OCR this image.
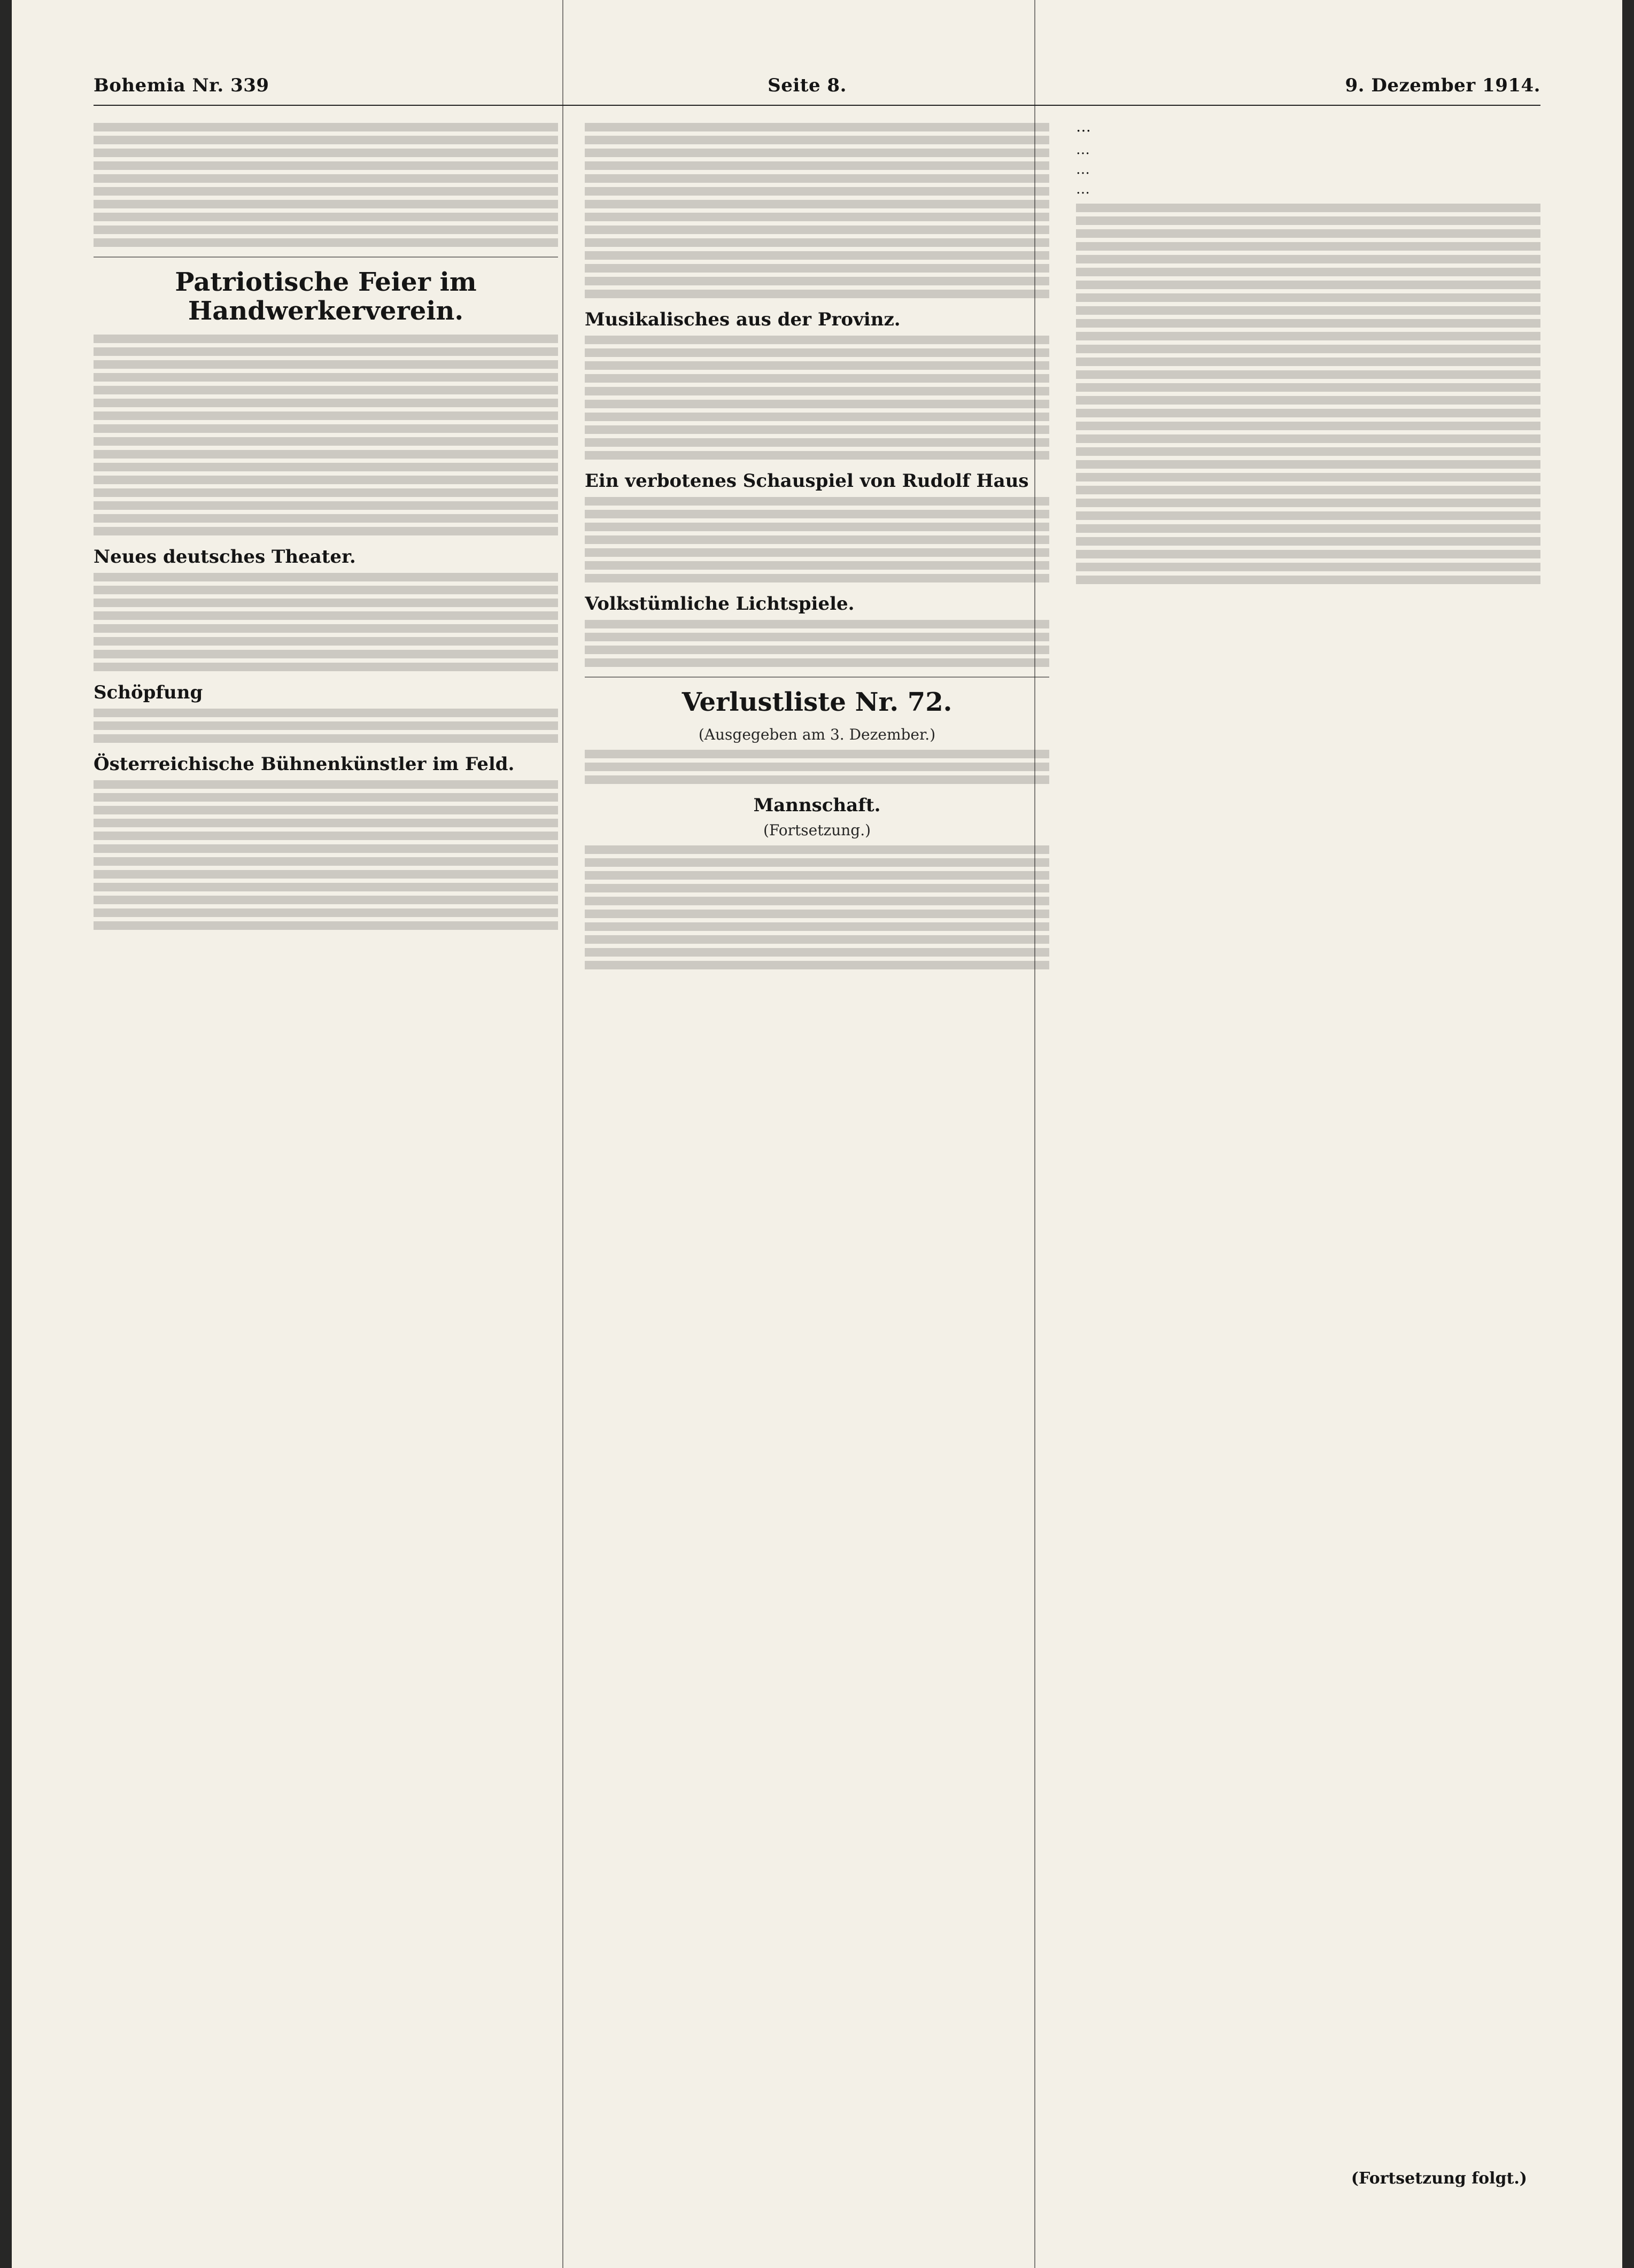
Bohemia Nr. 339	Seite 8.	9. Dezember 1914.
Patriotische Feier im Handwerkerverein.
Neues deutsches Theater.
Schöpfung
Österreichische Bühnenkünstler im Feld.
Musikalisches aus der Provinz.
Ein verbotenes Schauspiel von Rudolf Haus
Volkstümliche Lichtspiele.
Verlustliste Nr. 72.
(Ausgegeben am 3. Dezember.)
Mannschaft.
(Fortsetzung.)
…
…
…
…
(Fortsetzung folgt.)
